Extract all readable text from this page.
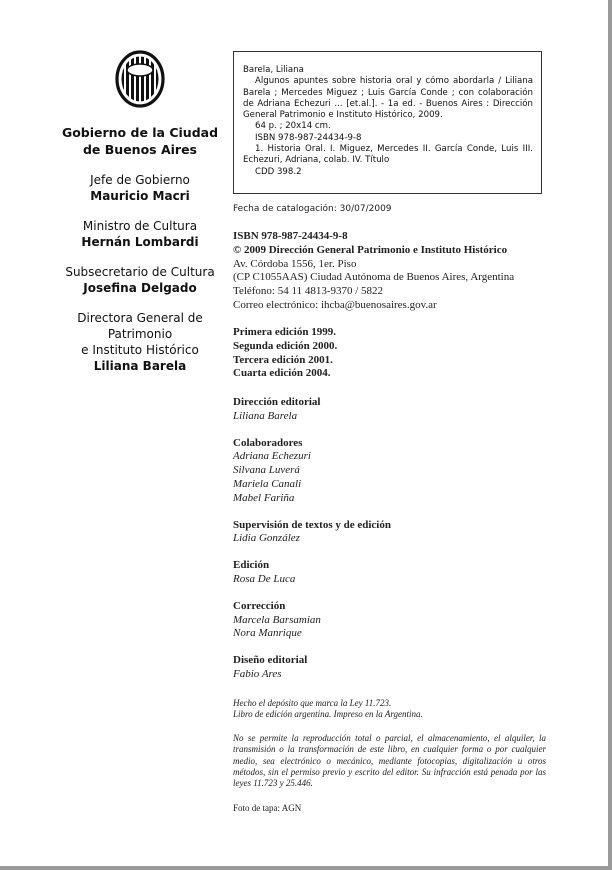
Gobierno de la Ciudad
de Buenos Aires
Jefe de Gobierno
Mauricio Macri
Ministro de Cultura
Hernán Lombardi
Subsecretario de Cultura
Josefina Delgado
Directora General de
Patrimonio
e Instituto Histórico
Liliana Barela

Barela, Liliana

Algunos apuntes sobre historia oral y cómo abordarla / Liliana Barela ; Mercedes Miguez ; Luis García Conde ; con colaboración de Adriana Echezuri ... [et.al.]. - 1a ed. - Buenos Aires : Dirección General Patrimonio e Instituto Histórico, 2009.

64 p. ; 20x14 cm.

ISBN 978-987-24434-9-8

1. Historia Oral. I. Miguez, Mercedes II. García Conde, Luis III. Echezuri, Adriana, colab. IV. Título

CDD 398.2

Fecha de catalogación: 30/07/2009

ISBN 978-987-24434-9-8

© 2009 Dirección General Patrimonio e Instituto Histórico

Av. Córdoba 1556, 1er. Piso

(CP C1055AAS) Ciudad Autónoma de Buenos Aires, Argentina

Teléfono: 54 11 4813-9370 / 5822

Correo electrónico: ihcba@buenosaires.gov.ar

Primera edición 1999.

Segunda edición 2000.

Tercera edición 2001.

Cuarta edición 2004.

Dirección editorial
Liliana Barela
Colaboradores
Adriana Echezuri
Silvana Luverá
Mariela Canali
Mabel Fariña
Supervisión de textos y de edición
Lidia González
Edición
Rosa De Luca
Corrección
Marcela Barsamian
Nora Manrique
Diseño editorial
Fabio Ares

Hecho el depósito que marca la Ley 11.723.

Libro de edición argentina. Impreso en la Argentina.

No se permite la reproducción total o parcial, el almacenamiento, el alquiler, la transmisión o la transformación de este libro, en cualquier forma o por cualquier medio, sea electrónico o mecánico, mediante fotocopias, digitalización u otros métodos, sin el permiso previo y escrito del editor. Su infracción está penada por las leyes 11.723 y 25.446.
Foto de tapa: AGN
